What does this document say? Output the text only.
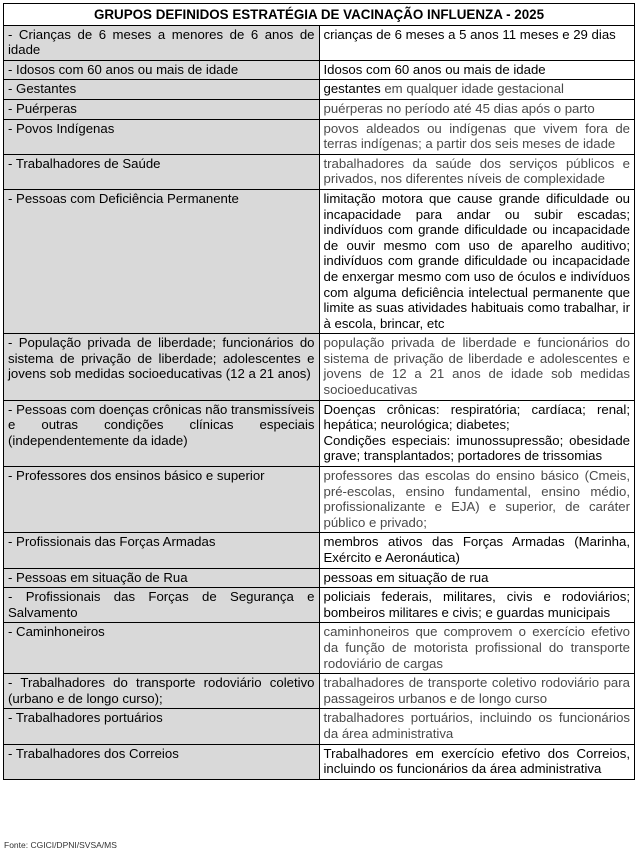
GRUPOS DEFINIDOS ESTRATÉGIA DE VACINAÇÃO INFLUENZA - 2025	
- Crianças de 6 meses a menores de 6 anos de idade	crianças de 6 meses a 5 anos 11 meses e 29 dias
- Idosos com 60 anos ou mais de idade	Idosos com 60 anos ou mais de idade
- Gestantes	gestantes em qualquer idade gestacional
- Puérperas	puérperas no período até 45 dias após o parto
- Povos Indígenas	povos aldeados ou indígenas que vivem fora de terras indígenas; a partir dos seis meses de idade
- Trabalhadores de Saúde	trabalhadores da saúde dos serviços públicos e privados, nos diferentes níveis de complexidade
- Pessoas com Deficiência Permanente	limitação motora que cause grande dificuldade ou incapacidade para andar ou subir escadas; indivíduos com grande dificuldade ou incapacidade de ouvir mesmo com uso de aparelho auditivo; indivíduos com grande dificuldade ou incapacidade de enxergar mesmo com uso de óculos e indivíduos com alguma deficiência intelectual permanente que limite as suas atividades habituais como trabalhar, ir à escola, brincar, etc
- População privada de liberdade; funcionários do sistema de privação de liberdade; adolescentes e jovens sob medidas socioeducativas (12 a 21 anos)	população privada de liberdade e funcionários do sistema de privação de liberdade e adolescentes e jovens de 12 a 21 anos de idade sob medidas socioeducativas
- Pessoas com doenças crônicas não transmissíveis e outras condições clínicas especiais (independentemente da idade)	Doenças crônicas: respiratória; cardíaca; renal; hepática; neurológica; diabetes;
Condições especiais: imunossupressão; obesidade grave; transplantados; portadores de trissomias
- Professores dos ensinos básico e superior	professores das escolas do ensino básico (Cmeis, pré-escolas, ensino fundamental, ensino médio, profissionalizante e EJA) e superior, de caráter público e privado;
- Profissionais das Forças Armadas	membros ativos das Forças Armadas (Marinha, Exército e Aeronáutica)
- Pessoas em situação de Rua	pessoas em situação de rua
- Profissionais das Forças de Segurança e Salvamento	policiais federais, militares, civis e rodoviários; bombeiros militares e civis; e guardas municipais
- Caminhoneiros	caminhoneiros que comprovem o exercício efetivo da função de motorista profissional do transporte rodoviário de cargas
- Trabalhadores do transporte rodoviário coletivo (urbano e de longo curso);	trabalhadores de transporte coletivo rodoviário para passageiros urbanos e de longo curso
- Trabalhadores portuários	trabalhadores portuários, incluindo os funcionários da área administrativa
- Trabalhadores dos Correios	Trabalhadores em exercício efetivo dos Correios, incluindo os funcionários da área administrativa
Fonte: CGICI/DPNI/SVSA/MS
